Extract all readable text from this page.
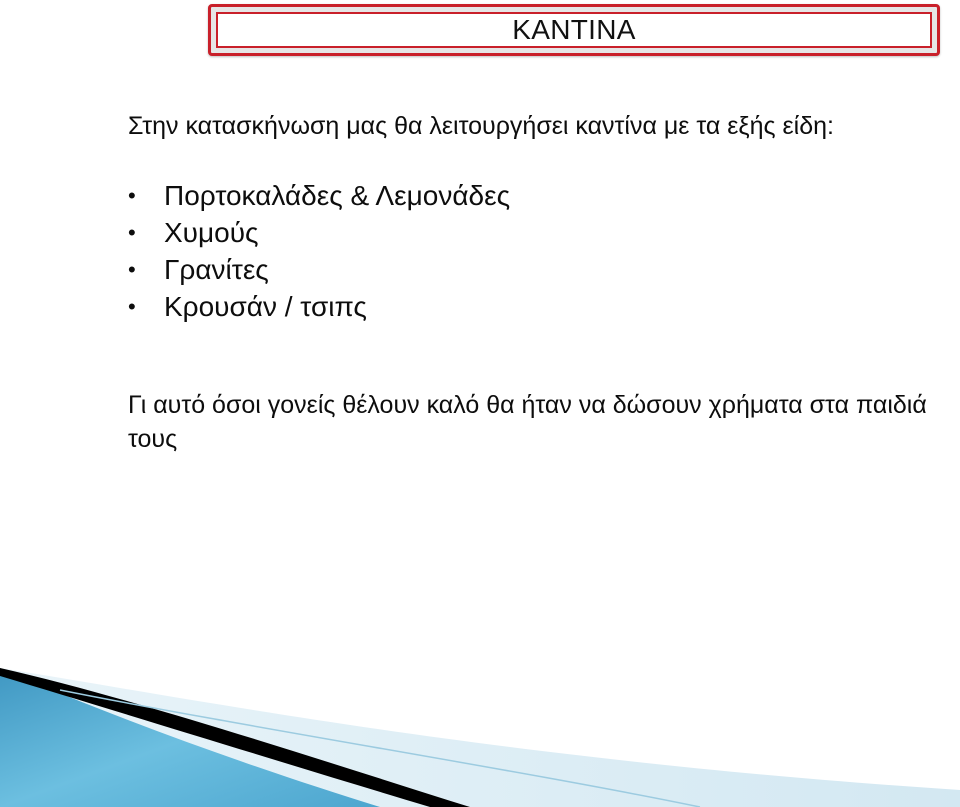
ΚΑΝΤΙΝΑ
Στην κατασκήνωση μας θα λειτουργήσει καντίνα με τα εξής είδη:
• Πορτοκαλάδες & Λεμονάδες
• Χυμούς
• Γρανίτες
• Κρουσάν / τσιπς
Γι αυτό όσοι γονείς θέλουν καλό θα ήταν να δώσουν χρήματα στα παιδιά τους
